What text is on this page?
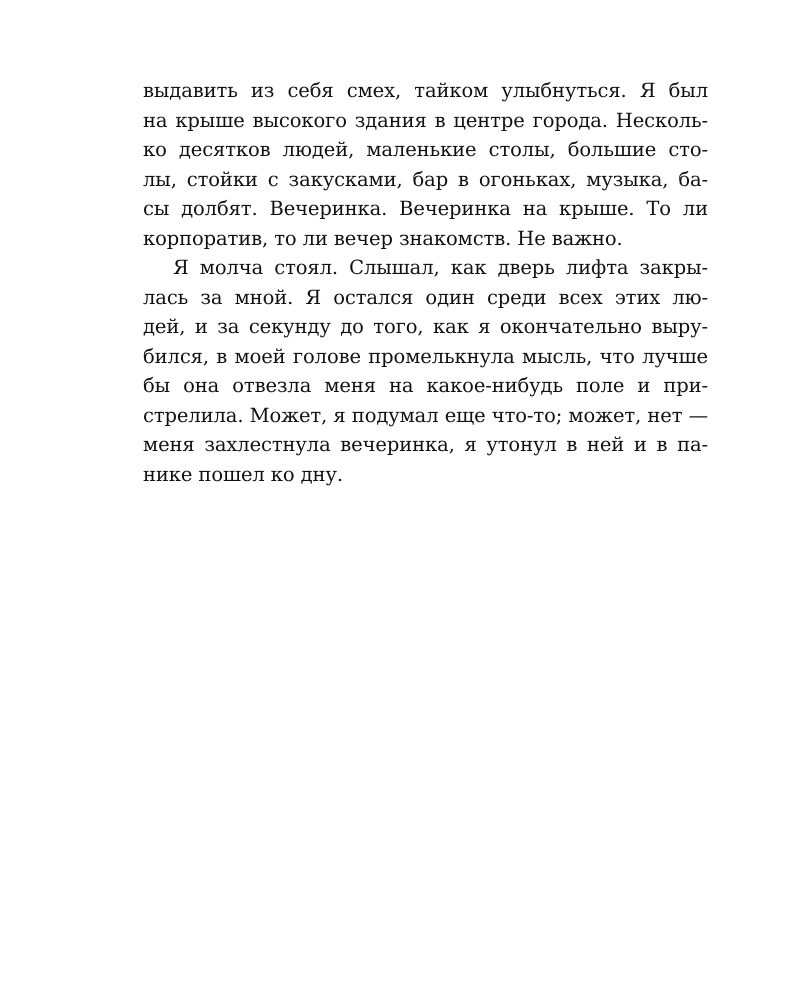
выдавить из себя смех, тайком улыбнуться. Я был
на крыше высокого здания в центре города. Несколь-
ко десятков людей, маленькие столы, большие сто-
лы, стойки с закусками, бар в огоньках, музыка, ба-
сы долбят. Вечеринка. Вечеринка на крыше. То ли
корпоратив, то ли вечер знакомств. Не важно.
Я молча стоял. Слышал, как дверь лифта закры-
лась за мной. Я остался один среди всех этих лю-
дей, и за секунду до того, как я окончательно выру-
бился, в моей голове промелькнула мысль, что лучше
бы она отвезла меня на какое-нибудь поле и при-
стрелила. Может, я подумал еще что-то; может, нет —
меня захлестнула вечеринка, я утонул в ней и в па-
нике пошел ко дну.
